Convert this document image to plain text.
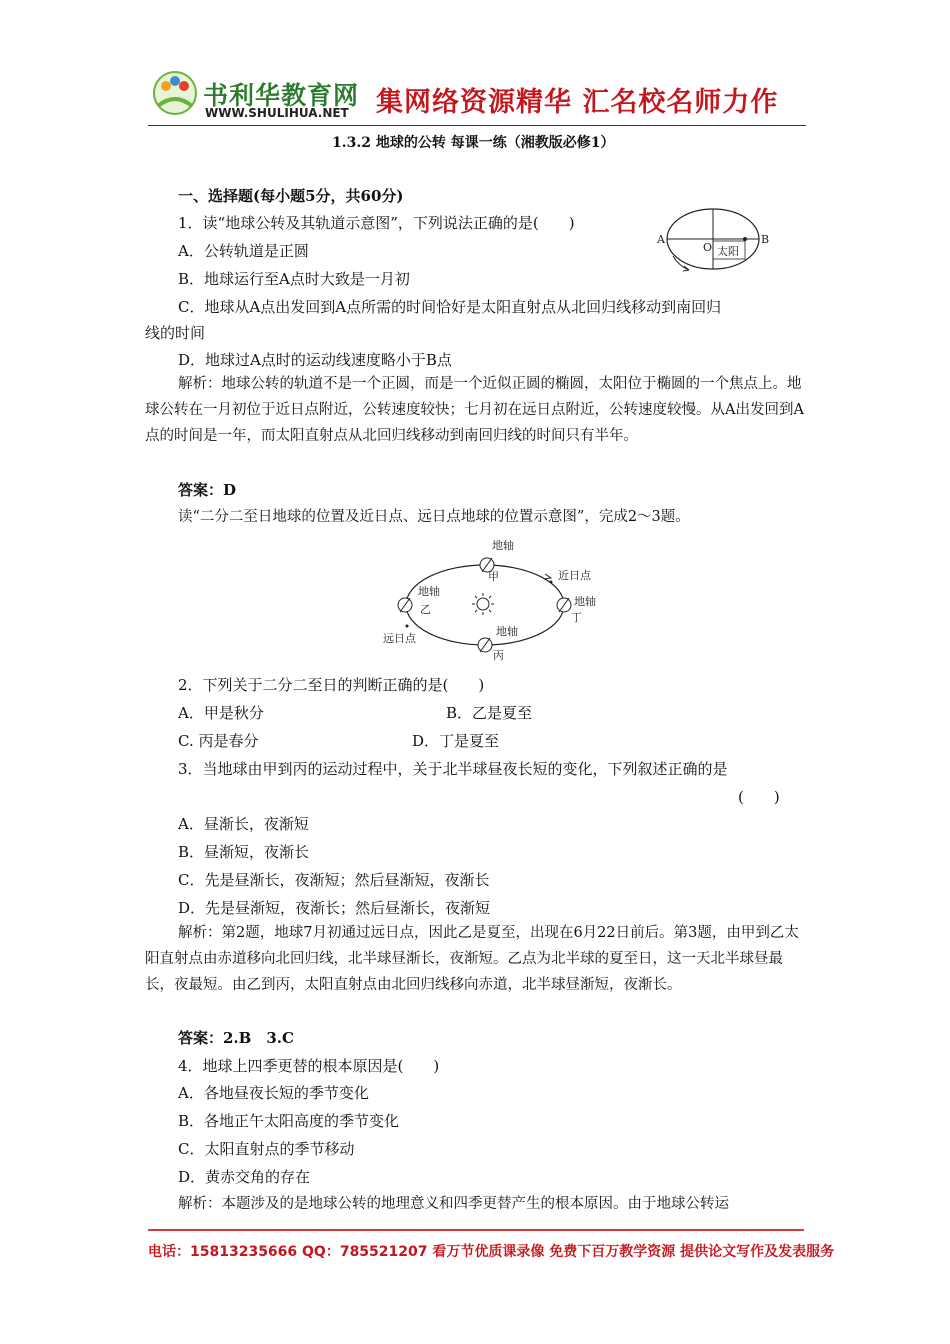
书利华教育网
WWW.SHULIHUA.NET 集网络资源精华 汇名校名师力作
1.3.2 地球的公转 每课一练（湘教版必修1）
一、选择题(每小题5分，共60分)
1．读“地球公转及其轨道示意图”，下列说法正确的是(　　)
A．公转轨道是正圆
B．地球运行至A点时大致是一月初
C．地球从A点出发回到A点所需的时间恰好是太阳直射点从北回归线移动到南回归
线的时间
D．地球过A点时的运动线速度略小于B点
A	B
O 太阳
解析：地球公转的轨道不是一个正圆，而是一个近似正圆的椭圆，太阳位于椭圆的一个焦点上。地球公转在一月初位于近日点附近，公转速度较快；七月初在远日点附近，公转速度较慢。从A出发回到A点的时间是一年，而太阳直射点从北回归线移动到南回归线的时间只有半年。
答案：D
读“二分二至日地球的位置及近日点、远日点地球的位置示意图”，完成2～3题。
地轴
甲	近日点
地轴
乙
地轴
丁
远日点
地轴
丙
2．下列关于二分二至日的判断正确的是(　　)
A．甲是秋分	B．乙是夏至
C. 丙是春分	D．丁是夏至
3．当地球由甲到丙的运动过程中，关于北半球昼夜长短的变化，下列叙述正确的是
(　　)
A．昼渐长，夜渐短
B．昼渐短，夜渐长
C．先是昼渐长，夜渐短；然后昼渐短，夜渐长
D．先是昼渐短，夜渐长；然后昼渐长，夜渐短
解析：第2题，地球7月初通过远日点，因此乙是夏至，出现在6月22日前后。第3题，由甲到乙太阳直射点由赤道移向北回归线，北半球昼渐长，夜渐短。乙点为北半球的夏至日，这一天北半球昼最长，夜最短。由乙到丙，太阳直射点由北回归线移向赤道，北半球昼渐短，夜渐长。
答案：2.B　3.C
4．地球上四季更替的根本原因是(　　)
A．各地昼夜长短的季节变化
B．各地正午太阳高度的季节变化
C．太阳直射点的季节移动
D．黄赤交角的存在
解析：本题涉及的是地球公转的地理意义和四季更替产生的根本原因。由于地球公转运
电话：15813235666 QQ：785521207 看万节优质课录像 免费下百万教学资源 提供论文写作及发表服务
